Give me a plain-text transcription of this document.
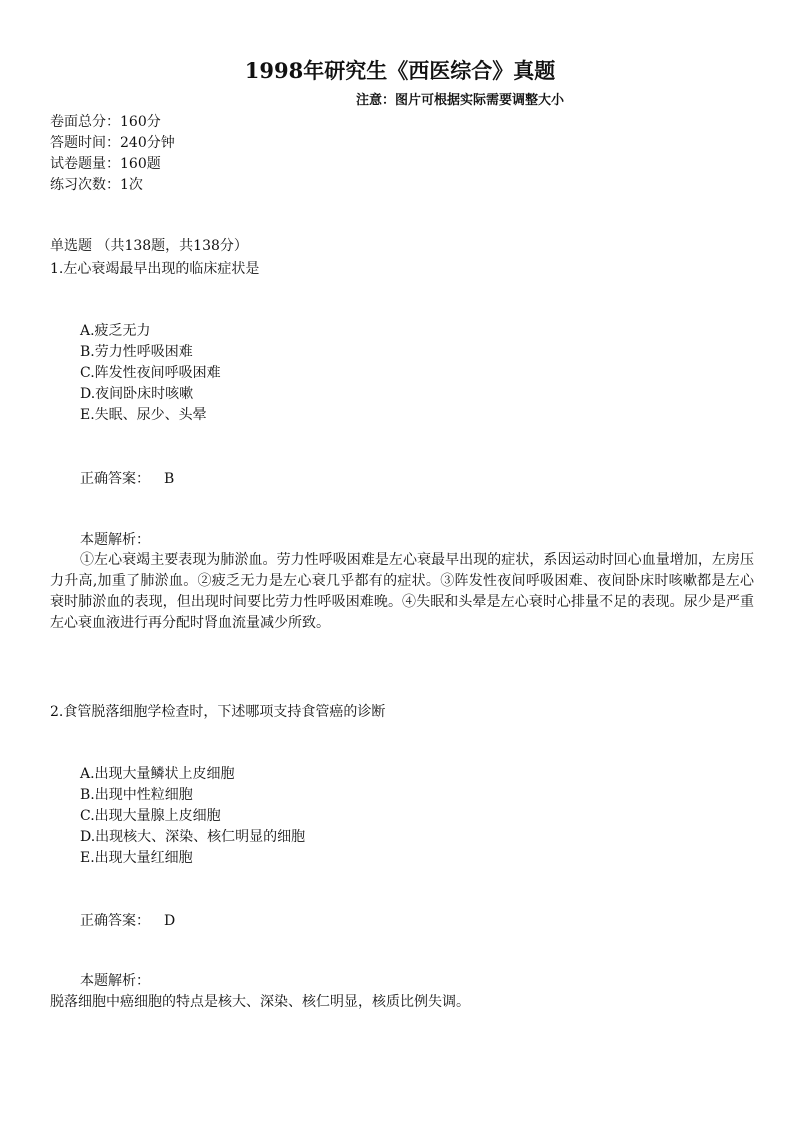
1998年研究生《西医综合》真题
注意：图片可根据实际需要调整大小
卷面总分：160分
答题时间：240分钟
试卷题量：160题
练习次数：1次
单选题 （共138题，共138分）
1.左心衰竭最早出现的临床症状是
A.疲乏无力
B.劳力性呼吸困难
C.阵发性夜间呼吸困难
D.夜间卧床时咳嗽
E.失眠、尿少、头晕
正确答案： B
本题解析：
①左心衰竭主要表现为肺淤血。劳力性呼吸困难是左心衰最早出现的症状，系因运动时回心血量增加，左房压力升高,加重了肺淤血。②疲乏无力是左心衰几乎都有的症状。③阵发性夜间呼吸困难、夜间卧床时咳嗽都是左心衰时肺淤血的表现，但出现时间要比劳力性呼吸困难晚。④失眠和头晕是左心衰时心排量不足的表现。尿少是严重左心衰血液进行再分配时肾血流量减少所致。
2.食管脱落细胞学检查时，下述哪项支持食管癌的诊断
A.出现大量鳞状上皮细胞
B.出现中性粒细胞
C.出现大量腺上皮细胞
D.出现核大、深染、核仁明显的细胞
E.出现大量红细胞
正确答案： D
本题解析：
脱落细胞中癌细胞的特点是核大、深染、核仁明显，核质比例失调。
